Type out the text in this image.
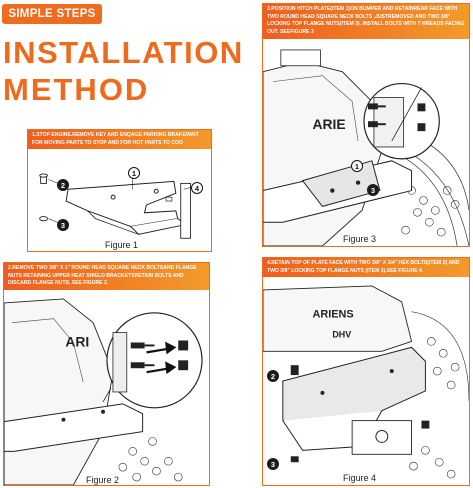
SIMPLE STEPS
INSTALLATION
METHOD
1.STOP ENGINE.REMOVE KEY AND ENQAGE PARKING BRAKEWAIT FOR MOVING PARTS TO STOP AND FOR HOT PARTS TO COO
2
1
4
3
Figure 1
3.POSITION HITCH PLATE(ITEM 1)ON BUMPER AND RETAINREAR FACE WITH TWO ROUND HEAD SQUARE NECK BOLTS .JUSTREMOVED AND TWO 3/8" LOCKING TOP FLANGE NUTS(ITEM 3). INSTALL BOLTS WITH T HREADS FACING OUT. SEEFIGURE 3
ARIE
1
3
Figure 3
2.REMOVE TWO 3/8" X 1" ROUND HEAD SQUARE NECK BOLTSAND FLANGE NUTS RETAINING UPPER HEAT SHIELD BRACKETSRETAIN BOLTS AND DISCARD FLANGE NUTS. SEE FIGURE 2.
ARI
Figure 2
4.RETAIN TOP OF PLATE FACE WITH TWO 3/8" X 3/4" HEX BOLTS(ITEM 2) AND TWO 3/8" LOCKING TOP FLANGE NUTS (ITEM 3).SEE FIGURE 4.
ARIENS
DHV
2
3
Figure 4
